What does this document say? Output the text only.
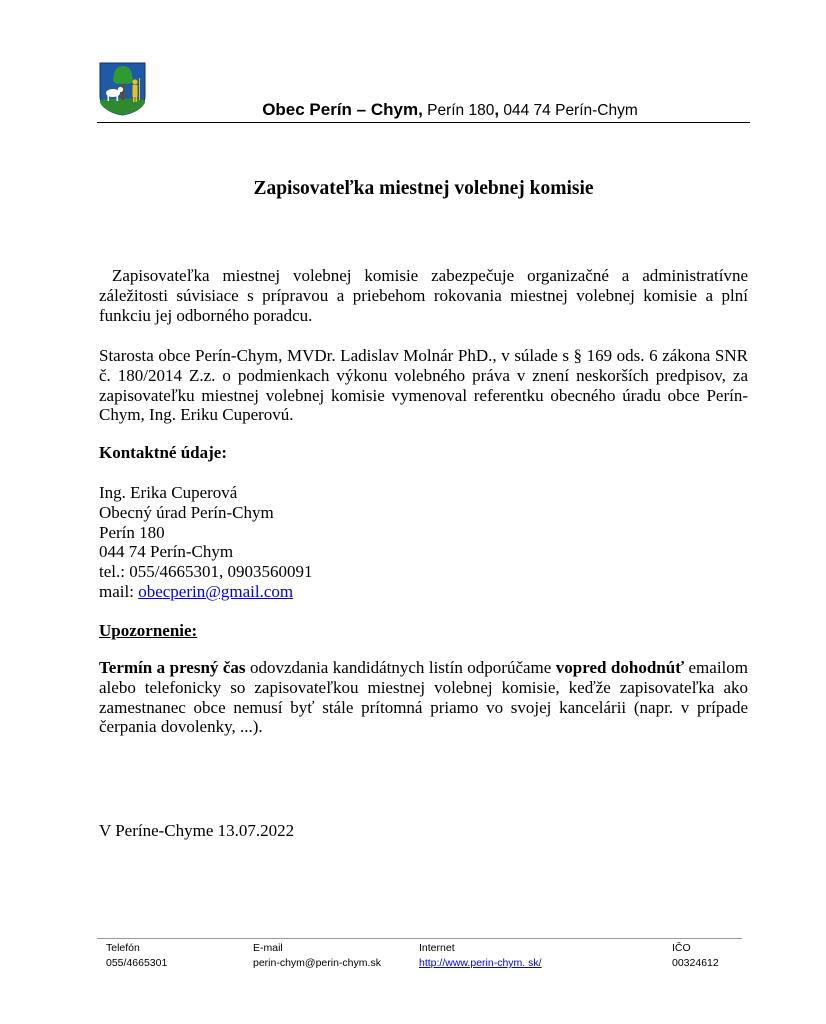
Obec Perín – Chym, Perín 180, 044 74 Perín-Chym
Zapisovateľka miestnej volebnej komisie

Zapisovateľka miestnej volebnej komisie zabezpečuje organizačné a administratívne záležitosti súvisiace s prípravou a priebehom rokovania miestnej volebnej komisie a plní funkciu jej odborného poradcu.

Starosta obce Perín-Chym, MVDr. Ladislav Molnár PhD., v súlade s § 169 ods. 6 zákona SNR č. 180/2014 Z.z. o podmienkach výkonu volebného práva v znení neskorších predpisov, za zapisovateľku miestnej volebnej komisie vymenoval referentku obecného úradu obce Perín-Chym, Ing. Eriku Cuperovú.

Kontaktné údaje:
Ing. Erika Cuperová
Obecný úrad Perín-Chym
Perín 180
044 74 Perín-Chym
tel.: 055/4665301, 0903560091
mail: obecperin@gmail.com
Upozornenie:

Termín a presný čas odovzdania kandidátnych listín odporúčame vopred dohodnúť emailom alebo telefonicky so zapisovateľkou miestnej volebnej komisie, keďže zapisovateľka ako zamestnanec obce nemusí byť stále prítomná priamo vo svojej kancelárii (napr. v prípade čerpania dovolenky, ...).

V Períne-Chyme 13.07.2022
Telefón
055/4665301
E-mail
perin-chym@perin-chym.sk
Internet
http://www.perin-chym. sk/
IČO
00324612
